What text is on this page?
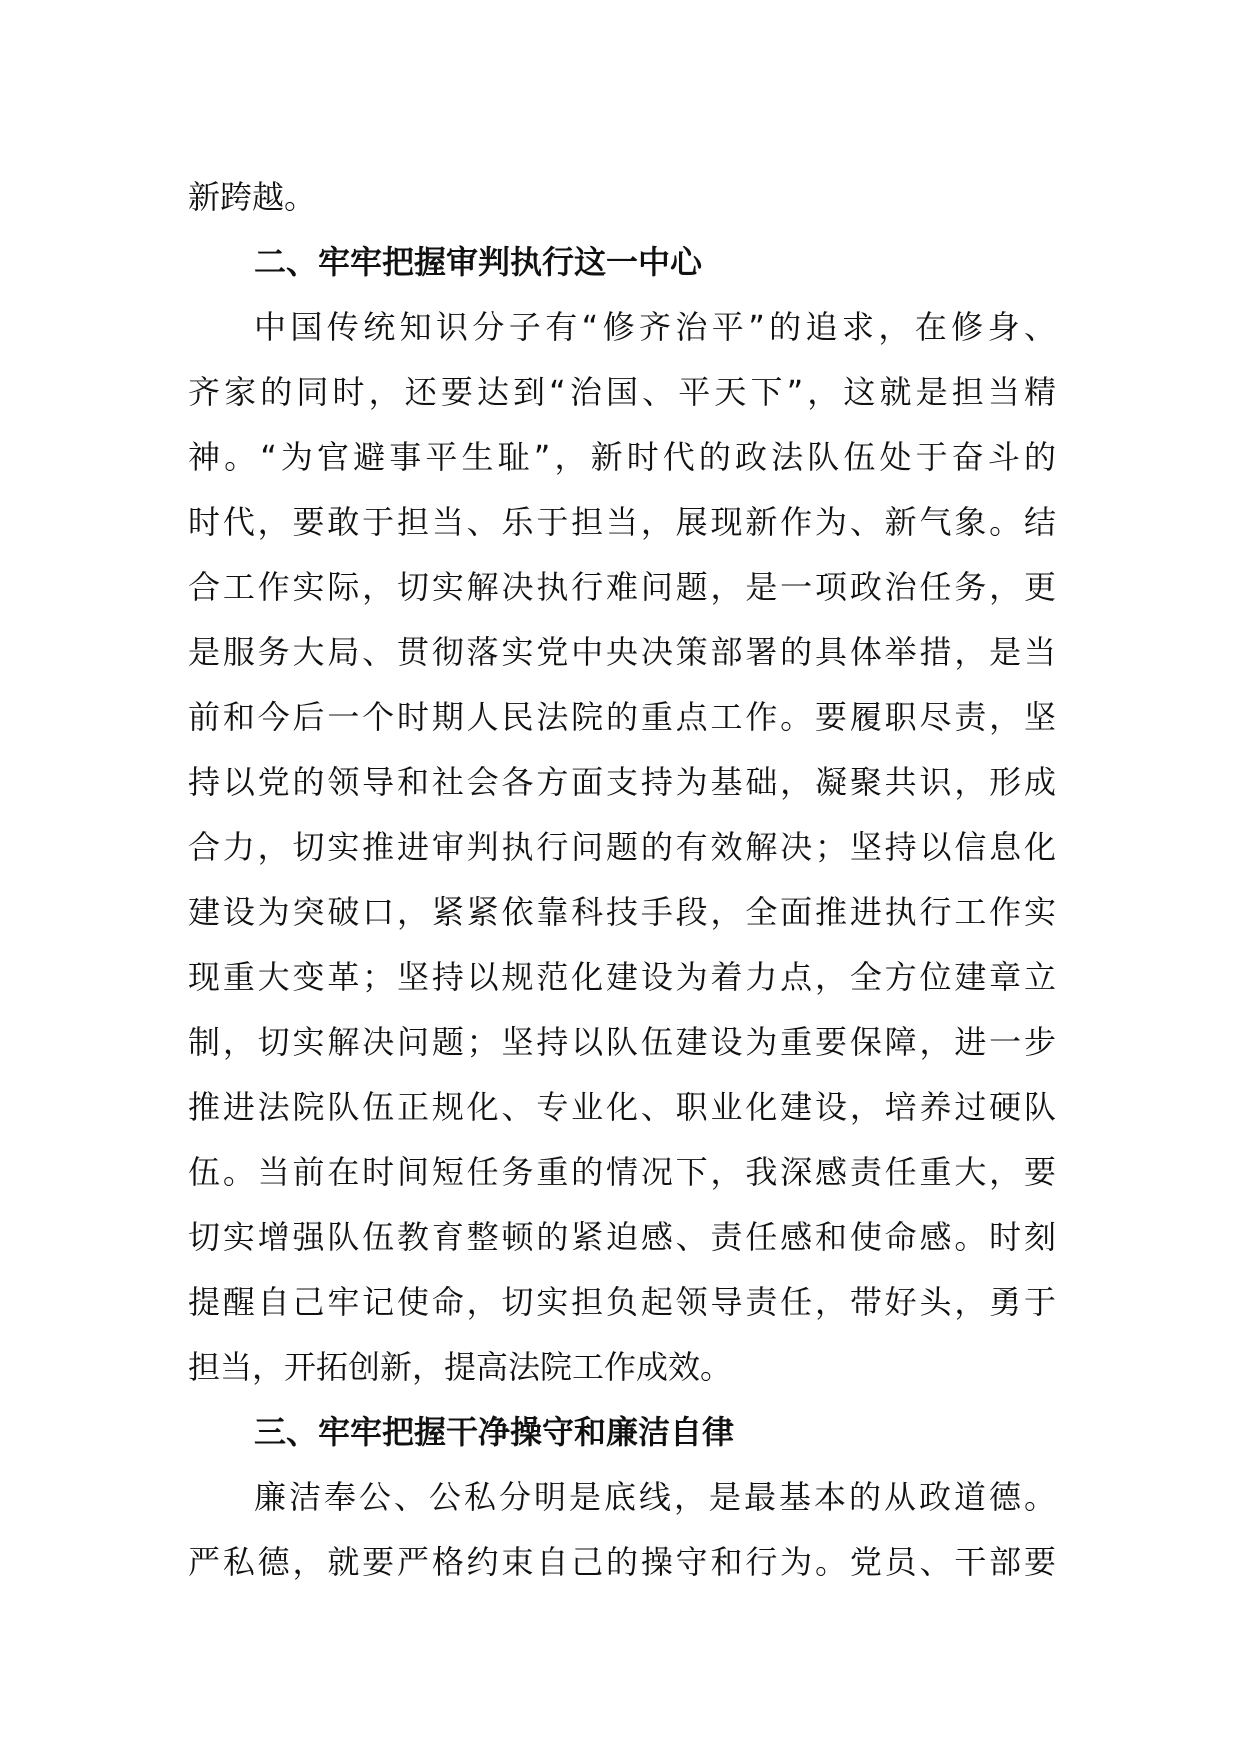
新跨越。
二、牢牢把握审判执行这一中心
中国传统知识分子有“修齐治平”的追求，在修身、
齐家的同时，还要达到“治国、平天下”，这就是担当精
神。“为官避事平生耻”，新时代的政法队伍处于奋斗的
时代，要敢于担当、乐于担当，展现新作为、新气象。结
合工作实际，切实解决执行难问题，是一项政治任务，更
是服务大局、贯彻落实党中央决策部署的具体举措，是当
前和今后一个时期人民法院的重点工作。要履职尽责，坚
持以党的领导和社会各方面支持为基础，凝聚共识，形成
合力，切实推进审判执行问题的有效解决；坚持以信息化
建设为突破口，紧紧依靠科技手段，全面推进执行工作实
现重大变革；坚持以规范化建设为着力点，全方位建章立
制，切实解决问题；坚持以队伍建设为重要保障，进一步
推进法院队伍正规化、专业化、职业化建设，培养过硬队
伍。当前在时间短任务重的情况下，我深感责任重大，要
切实增强队伍教育整顿的紧迫感、责任感和使命感。时刻
提醒自己牢记使命，切实担负起领导责任，带好头，勇于
担当，开拓创新，提高法院工作成效。
三、牢牢把握干净操守和廉洁自律
廉洁奉公、公私分明是底线，是最基本的从政道德。
严私德，就要严格约束自己的操守和行为。党员、干部要
